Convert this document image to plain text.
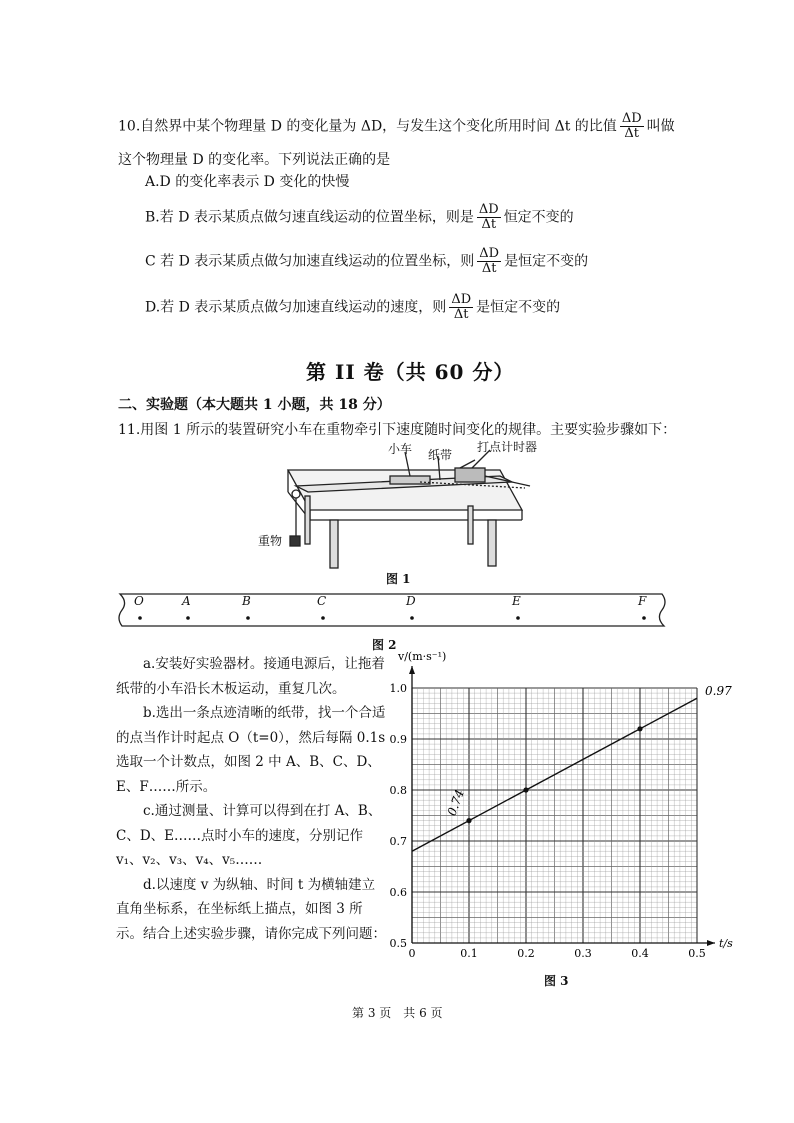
10.自然界中某个物理量 D 的变化量为 ΔD，与发生这个变化所用时间 Δt 的比值 $\frac{\Delta D}{\Delta t}$ 叫做
这个物理量 D 的变化率。下列说法正确的是
A.D 的变化率表示 D 变化的快慢
B.若 D 表示某质点做匀速直线运动的位置坐标，则是 $\frac{\Delta D}{\Delta t}$ 恒定不变的
C 若 D 表示某质点做匀加速直线运动的位置坐标，则 $\frac{\Delta D}{\Delta t}$ 是恒定不变的
D.若 D 表示某质点做匀加速直线运动的速度，则 $\frac{\Delta D}{\Delta t}$ 是恒定不变的
第 II 卷（共 60 分）
二、实验题（本大题共 1 小题，共 18 分）
11.用图 1 所示的装置研究小车在重物牵引下速度随时间变化的规律。主要实验步骤如下：
小车 纸带
打点计时器
重物
图 1
O	A	B	C	D	E	F
图 2

a.安装好实验器材。接通电源后，让拖着纸带的小车沿长木板运动，重复几次。

b.选出一条点迹清晰的纸带，找一个合适的点当作计时起点 O（t=0），然后每隔 0.1s 选取一个计数点，如图 2 中 A、B、C、D、E、F……所示。

c.通过测量、计算可以得到在打 A、B、C、D、E……点时小车的速度，分别记作 v₁、v₂、v₃、v₄、v₅……

d.以速度 v 为纵轴、时间 t 为横轴建立直角坐标系，在坐标纸上描点，如图 3 所示。结合上述实验步骤，请你完成下列问题：

0	0.1	0.2	0.3	0.4	0.5
0.5
0.6
0.7
0.8
0.9
1.0
t/s
v/(m·s⁻¹)
0.74
0.97
图 3
第 3 页　共 6 页
